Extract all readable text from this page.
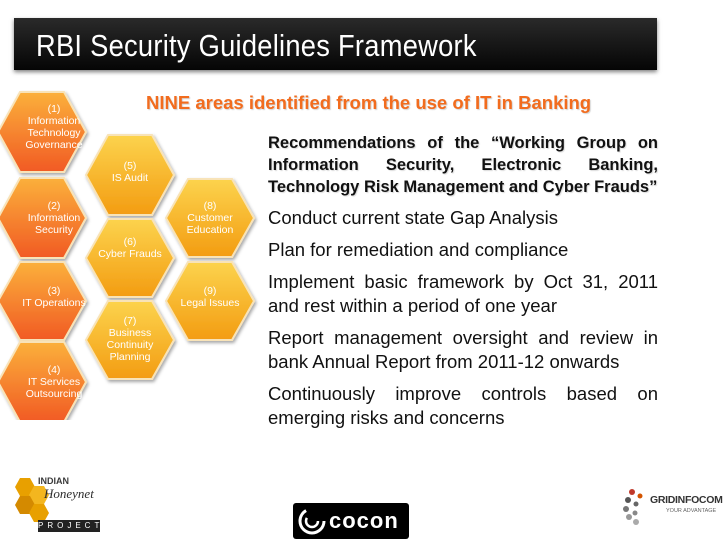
RBI Security Guidelines Framework
NINE areas identified from the use of IT in Banking
(1)
Information
Technology
Governance
(2)
Information
Security
(3)
IT Operations
(4)
IT Services
Outsourcing
(5)
IS Audit
(6)
Cyber Frauds
(7)
Business
Continuity
Planning
(8)
Customer
Education
(9)
Legal Issues
Recommendations of the “Working Group on
Information Security, Electronic Banking,
Technology Risk Management and Cyber Frauds”
Conduct current state Gap Analysis
Plan for remediation and compliance
Implement basic framework by Oct 31, 2011 and rest within a period of one year
Report management oversight and review in bank Annual Report from 2011-12 onwards
Continuously improve controls based on emerging risks and concerns
INDIAN
Honeynet
PROJECT	cocon
GRIDINFOCOM
YOUR ADVANTAGE
